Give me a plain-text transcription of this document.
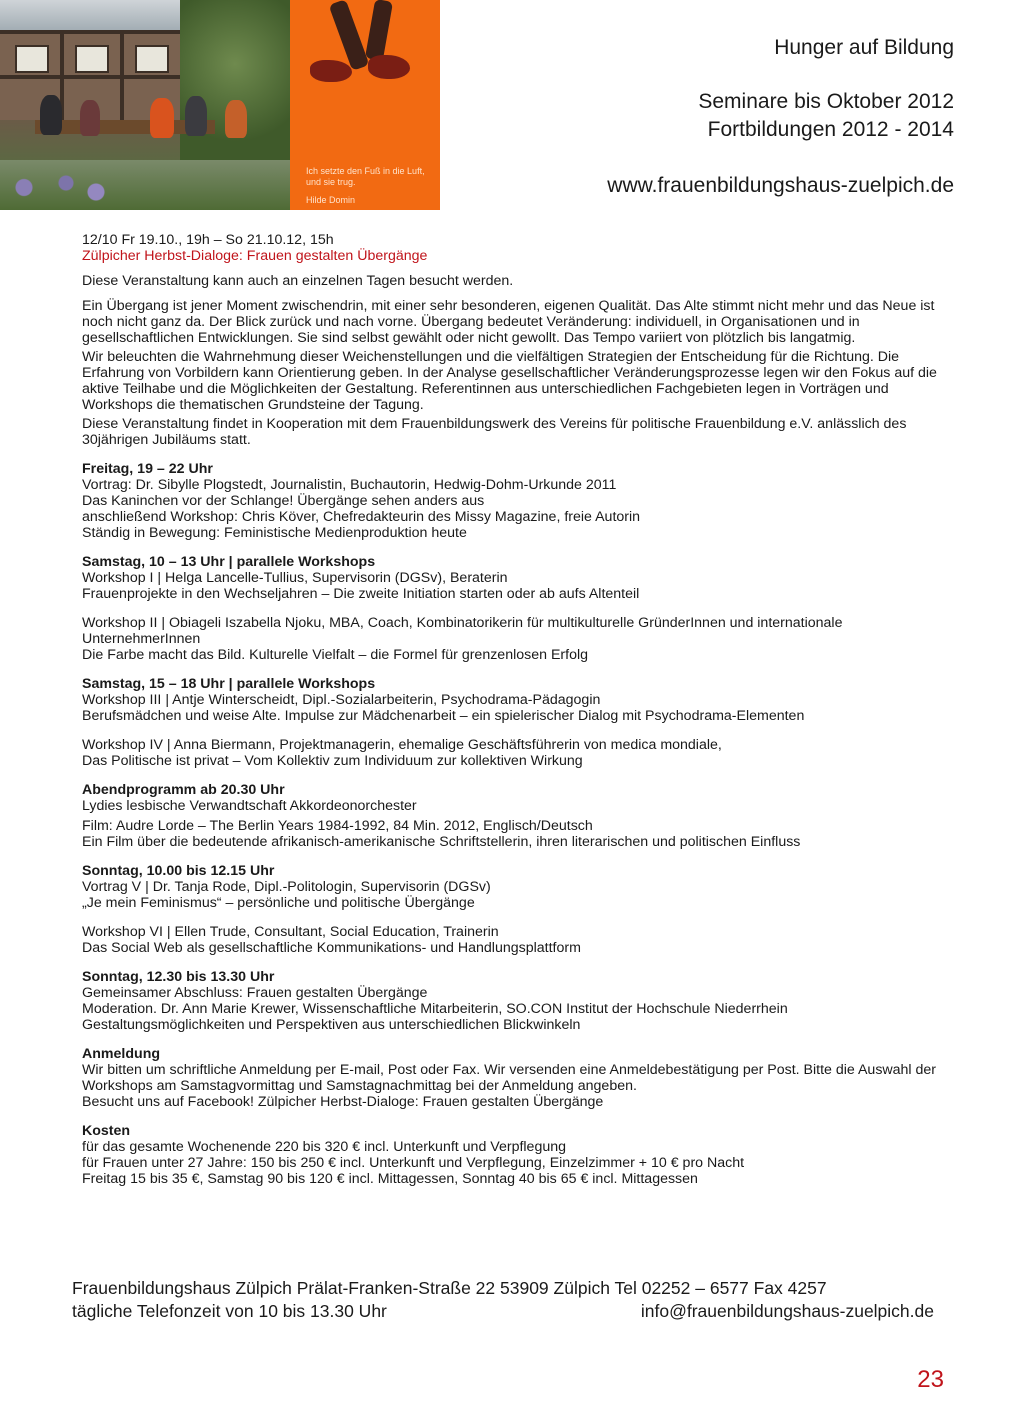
Ich setzte den Fuß in die Luft, und sie trug.
Hilde Domin
Hunger auf Bildung
Seminare bis Oktober 2012
Fortbildungen 2012 - 2014
www.frauenbildungshaus-zuelpich.de

12/10 Fr 19.10., 19h – So 21.10.12, 15h

Zülpicher Herbst-Dialoge: Frauen gestalten Übergänge

Diese Veranstaltung kann auch an einzelnen Tagen besucht werden.

Ein Übergang ist jener Moment zwischendrin, mit einer sehr besonderen, eigenen Qualität. Das Alte stimmt nicht mehr und das Neue ist noch nicht ganz da. Der Blick zurück und nach vorne. Übergang bedeutet Veränderung: individuell, in Organisationen und in gesellschaftlichen Entwicklungen. Sie sind selbst gewählt oder nicht gewollt. Das Tempo variiert von plötzlich bis langatmig.

Wir beleuchten die Wahrnehmung dieser Weichenstellungen und die vielfältigen Strategien der Entscheidung für die Richtung. Die Erfahrung von Vorbildern kann Orientierung geben. In der Analyse gesellschaftlicher Veränderungsprozesse legen wir den Fokus auf die aktive Teilhabe und die Möglichkeiten der Gestaltung. Referentinnen aus unterschiedlichen Fachgebieten legen in Vorträgen und Workshops die thematischen Grundsteine der Tagung.

Diese Veranstaltung findet in Kooperation mit dem Frauenbildungswerk des Vereins für politische Frauenbildung e.V. anlässlich des 30jährigen Jubiläums statt.

Freitag, 19 – 22 Uhr

Vortrag: Dr. Sibylle Plogstedt, Journalistin, Buchautorin, Hedwig-Dohm-Urkunde 2011

Das Kaninchen vor der Schlange! Übergänge sehen anders aus

anschließend Workshop: Chris Köver, Chefredakteurin des Missy Magazine, freie Autorin

Ständig in Bewegung: Feministische Medienproduktion heute

Samstag, 10 – 13 Uhr | parallele Workshops

Workshop I | Helga Lancelle-Tullius, Supervisorin (DGSv), Beraterin

Frauenprojekte in den Wechseljahren – Die zweite Initiation starten oder ab aufs Altenteil

Workshop II | Obiageli Iszabella Njoku, MBA, Coach, Kombinatorikerin für multikulturelle GründerInnen und internationale UnternehmerInnen

Die Farbe macht das Bild. Kulturelle Vielfalt – die Formel für grenzenlosen Erfolg

Samstag, 15 – 18 Uhr | parallele Workshops

Workshop III | Antje Winterscheidt, Dipl.-Sozialarbeiterin, Psychodrama-Pädagogin

Berufsmädchen und weise Alte. Impulse zur Mädchenarbeit – ein spielerischer Dialog mit Psychodrama-Elementen

Workshop IV | Anna Biermann, Projektmanagerin, ehemalige Geschäftsführerin von medica mondiale,

Das Politische ist privat – Vom Kollektiv zum Individuum zur kollektiven Wirkung

Abendprogramm ab 20.30 Uhr

Lydies lesbische Verwandtschaft Akkordeonorchester

Film: Audre Lorde – The Berlin Years 1984-1992, 84 Min. 2012, Englisch/Deutsch

Ein Film über die bedeutende afrikanisch-amerikanische Schriftstellerin, ihren literarischen und politischen Einfluss

Sonntag, 10.00 bis 12.15 Uhr

Vortrag V | Dr. Tanja Rode, Dipl.-Politologin, Supervisorin (DGSv)

„Je mein Feminismus“ – persönliche und politische Übergänge

Workshop VI | Ellen Trude, Consultant, Social Education, Trainerin

Das Social Web als gesellschaftliche Kommunikations- und Handlungsplattform

Sonntag, 12.30 bis 13.30 Uhr

Gemeinsamer Abschluss: Frauen gestalten Übergänge

Moderation. Dr. Ann Marie Krewer, Wissenschaftliche Mitarbeiterin, SO.CON Institut der Hochschule Niederrhein

Gestaltungsmöglichkeiten und Perspektiven aus unterschiedlichen Blickwinkeln

Anmeldung

Wir bitten um schriftliche Anmeldung per E-mail, Post oder Fax. Wir versenden eine Anmeldebestätigung per Post. Bitte die Auswahl der Workshops am Samstagvormittag und Samstagnachmittag bei der Anmeldung angeben.

Besucht uns auf Facebook! Zülpicher Herbst-Dialoge: Frauen gestalten Übergänge

Kosten

für das gesamte Wochenende 220 bis 320 € incl. Unterkunft und Verpflegung

für Frauen unter 27 Jahre: 150 bis 250 € incl. Unterkunft und Verpflegung, Einzelzimmer + 10 € pro Nacht

Freitag 15 bis 35 €, Samstag 90 bis 120 € incl. Mittagessen, Sonntag 40 bis 65 € incl. Mittagessen

Frauenbildungshaus Zülpich Prälat-Franken-Straße 22 53909 Zülpich Tel 02252 – 6577 Fax 4257
tägliche Telefonzeit von 10 bis 13.30 Uhr	info@frauenbildungshaus-zuelpich.de
23
